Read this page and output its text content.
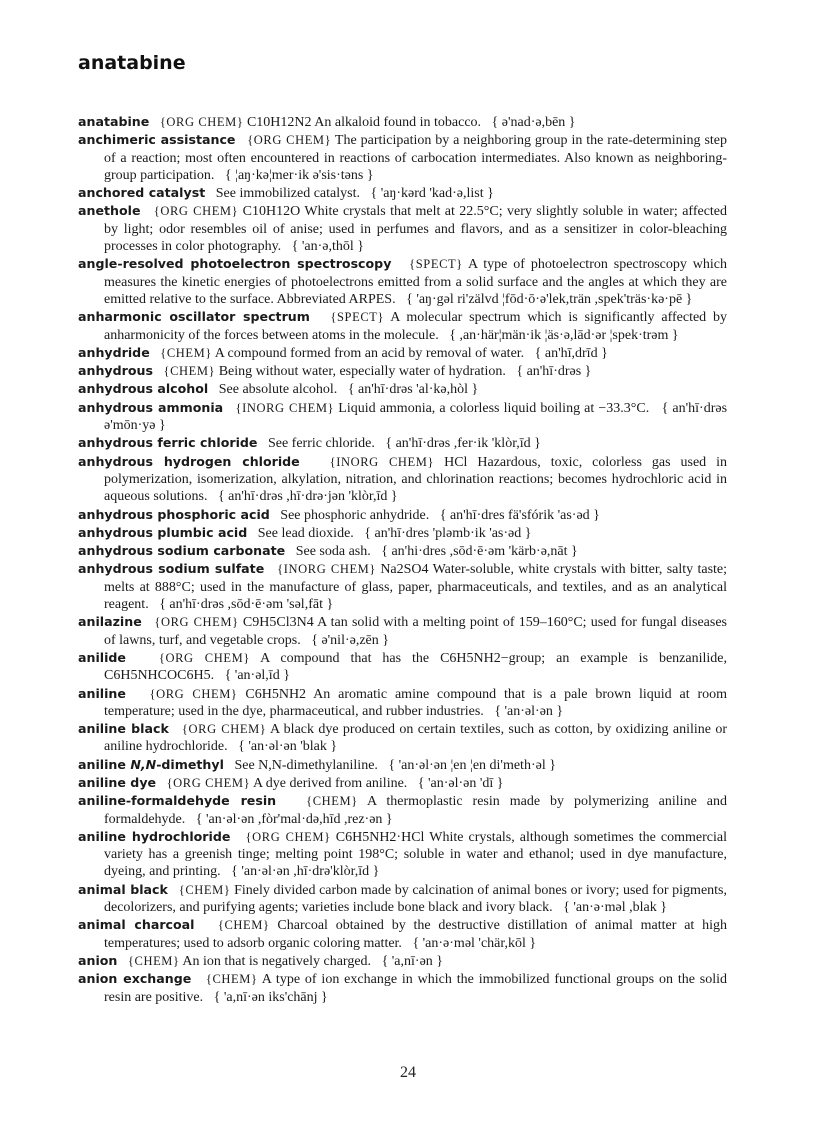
anatabine

anatabine {ORG CHEM} C10H12N2 An alkaloid found in tobacco. { ə'nad·ə,bēn }

anchimeric assistance {ORG CHEM} The participation by a neighboring group in the rate-determining step of a reaction; most often encountered in reactions of carbocation intermediates. Also known as neighboring-group participation. { ¦aŋ·kə¦mer·ik ə'sis·təns }

anchored catalyst See immobilized catalyst. { 'aŋ·kərd 'kad·ə,list }

anethole {ORG CHEM} C10H12O White crystals that melt at 22.5°C; very slightly soluble in water; affected by light; odor resembles oil of anise; used in perfumes and flavors, and as a sensitizer in color-bleaching processes in color photography. { 'an·ə,thōl }

angle-resolved photoelectron spectroscopy {SPECT} A type of photoelectron spectroscopy which measures the kinetic energies of photoelectrons emitted from a solid surface and the angles at which they are emitted relative to the surface. Abbreviated ARPES. { 'aŋ·gəl ri'zälvd ¦fōd·ō·ə'lek,trän ,spek'träs·kə·pē }

anharmonic oscillator spectrum {SPECT} A molecular spectrum which is significantly affected by anharmonicity of the forces between atoms in the molecule. { ,an·här¦män·ik ¦äs·ə,lād·ər ¦spek·trəm }

anhydride {CHEM} A compound formed from an acid by removal of water. { an'hī,drīd }

anhydrous {CHEM} Being without water, especially water of hydration. { an'hī·drəs }

anhydrous alcohol See absolute alcohol. { an'hī·drəs 'al·kə,hòl }

anhydrous ammonia {INORG CHEM} Liquid ammonia, a colorless liquid boiling at −33.3°C. { an'hī·drəs ə'mōn·yə }

anhydrous ferric chloride See ferric chloride. { an'hī·drəs ,fer·ik 'klòr,īd }

anhydrous hydrogen chloride {INORG CHEM} HCl Hazardous, toxic, colorless gas used in polymerization, isomerization, alkylation, nitration, and chlorination reactions; becomes hydrochloric acid in aqueous solutions. { an'hī·drəs ,hī·drə·jən 'klòr,īd }

anhydrous phosphoric acid See phosphoric anhydride. { an'hī·dres fä'sfórik 'as·əd }

anhydrous plumbic acid See lead dioxide. { an'hī·dres 'pləmb·ik 'as·əd }

anhydrous sodium carbonate See soda ash. { an'hi·dres ,sōd·ē·əm 'kärb·ə,nāt }

anhydrous sodium sulfate {INORG CHEM} Na2SO4 Water-soluble, white crystals with bitter, salty taste; melts at 888°C; used in the manufacture of glass, paper, pharmaceuticals, and textiles, and as an analytical reagent. { an'hī·drəs ,sōd·ē·əm 'səl,fāt }

anilazine {ORG CHEM} C9H5Cl3N4 A tan solid with a melting point of 159–160°C; used for fungal diseases of lawns, turf, and vegetable crops. { ə'nil·ə,zēn }

anilide	{ORG CHEM} A compound that has the C6H5NH2−group; an example is benzanilide, C6H5NHCOC6H5. { 'an·əl,īd }

aniline {ORG CHEM} C6H5NH2 An aromatic amine compound that is a pale brown liquid at room temperature; used in the dye, pharmaceutical, and rubber industries. { 'an·əl·ən }

aniline black {ORG CHEM} A black dye produced on certain textiles, such as cotton, by oxidizing aniline or aniline hydrochloride. { 'an·əl·ən 'blak }

aniline N,N-dimethyl See N,N-dimethylaniline. { 'an·əl·ən ¦en ¦en di'meth·əl }

aniline dye {ORG CHEM} A dye derived from aniline. { 'an·əl·ən 'dī }

aniline-formaldehyde resin {CHEM} A thermoplastic resin made by polymerizing aniline and formaldehyde. { 'an·əl·ən ,fòr'mal·də,hīd ,rez·ən }

aniline hydrochloride {ORG CHEM} C6H5NH2·HCl White crystals, although sometimes the commercial variety has a greenish tinge; melting point 198°C; soluble in water and ethanol; used in dye manufacture, dyeing, and printing. { 'an·əl·ən ,hī·drə'klòr,īd }

animal black {CHEM} Finely divided carbon made by calcination of animal bones or ivory; used for pigments, decolorizers, and purifying agents; varieties include bone black and ivory black. { 'an·ə·məl ,blak }

animal charcoal {CHEM} Charcoal obtained by the destructive distillation of animal matter at high temperatures; used to adsorb organic coloring matter. { 'an·ə·məl 'chär,kōl }

anion {CHEM} An ion that is negatively charged. { 'a,nī·ən }

anion exchange {CHEM} A type of ion exchange in which the immobilized functional groups on the solid resin are positive. { 'a,nī·ən iks'chānj }

24
